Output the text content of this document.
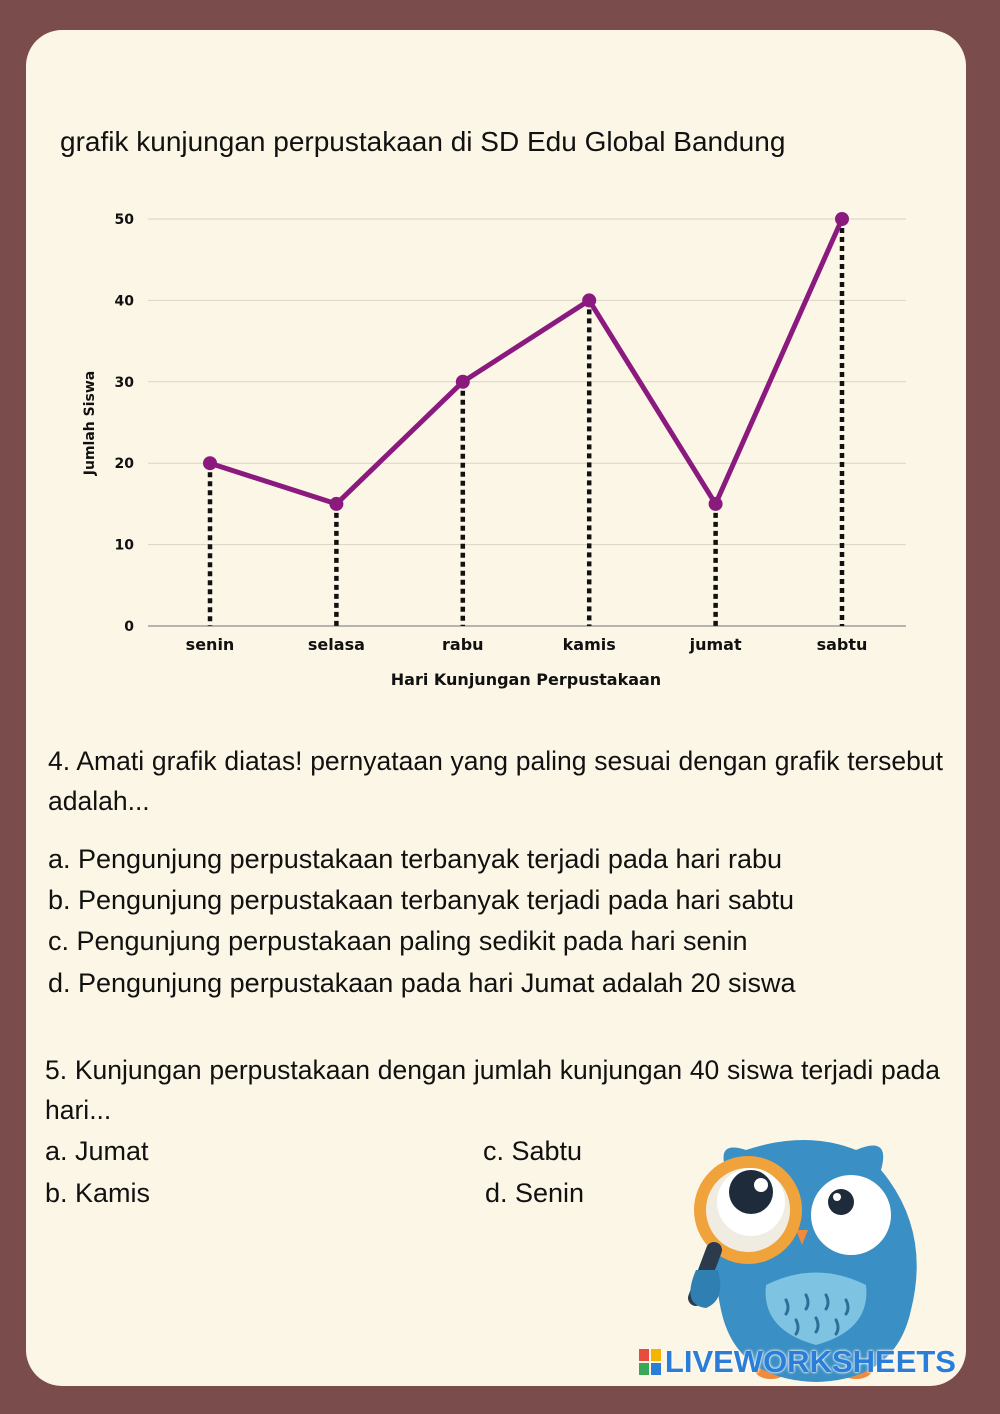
grafik kunjungan perpustakaan di SD Edu Global Bandung
0
10
20
30
40
50
senin	selasa	rabu	kamis	jumat	sabtu
Hari Kunjungan Perpustakaan
Jumlah Siswa

4. Amati grafik diatas! pernyataan yang paling sesuai dengan grafik tersebut adalah...

a. Pengunjung perpustakaan terbanyak terjadi pada hari rabu

b. Pengunjung perpustakaan terbanyak terjadi pada hari sabtu

c. Pengunjung perpustakaan paling sedikit pada hari senin

d. Pengunjung perpustakaan pada hari Jumat adalah 20 siswa

5. Kunjungan perpustakaan dengan jumlah kunjungan 40 siswa terjadi pada hari...

a. Jumat

b. Kamis

c. Sabtu

d. Senin

LIVEWORKSHEETS
